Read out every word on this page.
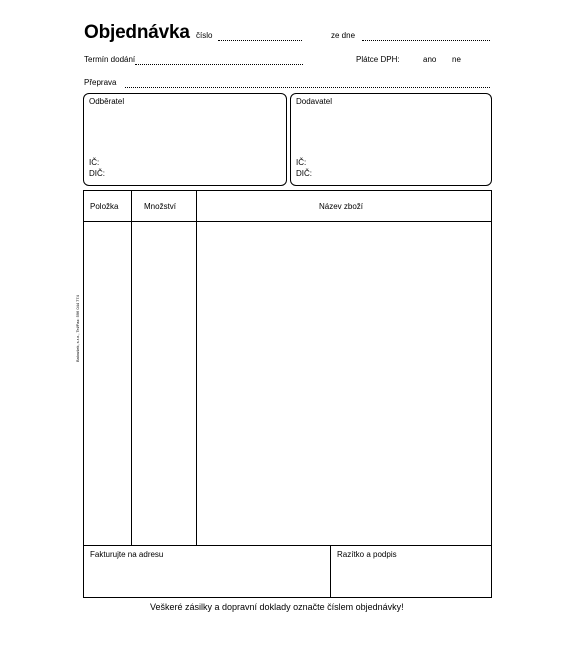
Objednávka číslo	ze dne
Termín dodání	Plátce DPH:	ano ne
Přeprava
Odběratel
IČ:
DIČ:
Dodavatel
IČ:
DIČ:
Baloušek, s.r.o., Tel/Fax: 596 044 774
Položka	Množství	Název zboží
Fakturujte na adresu	Razítko a podpis
Veškeré zásilky a dopravní doklady označte číslem objednávky!
